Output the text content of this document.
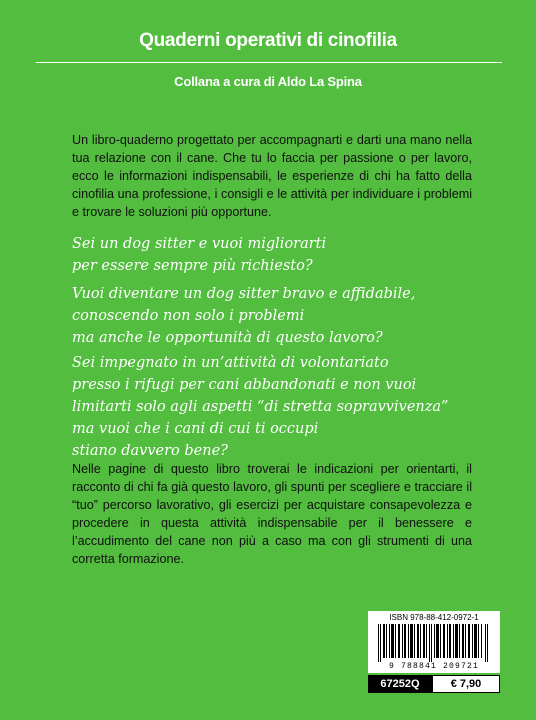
Quaderni operativi di cinofilia
Collana a cura di Aldo La Spina

Un libro-quaderno progettato per accompagnarti e darti una mano nella tua relazione con il cane. Che tu lo faccia per passione o per lavoro, ecco le informazioni indispensabili, le esperienze di chi ha fatto della cinofilia una professione, i consigli e le attività per individuare i problemi e trovare le soluzioni più opportune.

Sei un dog sitter e vuoi migliorarti
per essere sempre più richiesto?

Vuoi diventare un dog sitter bravo e affidabile,
conoscendo non solo i problemi
ma anche le opportunità di questo lavoro?

Sei impegnato in un’attività di volontariato
presso i rifugi per cani abbandonati e non vuoi
limitarti solo agli aspetti “di stretta sopravvivenza”
ma vuoi che i cani di cui ti occupi
stiano davvero bene?

Nelle pagine di questo libro troverai le indicazioni per orientarti, il racconto di chi fa già questo lavoro, gli spunti per scegliere e tracciare il “tuo” percorso lavorativo, gli esercizi per acquistare consapevolezza e procedere in questa attività indispensabile per il benessere e l’accudimento del cane non più a caso ma con gli strumenti di una corretta formazione.

ISBN 978-88-412-0972-1
9 788841 209721
67252Q	€ 7,90
